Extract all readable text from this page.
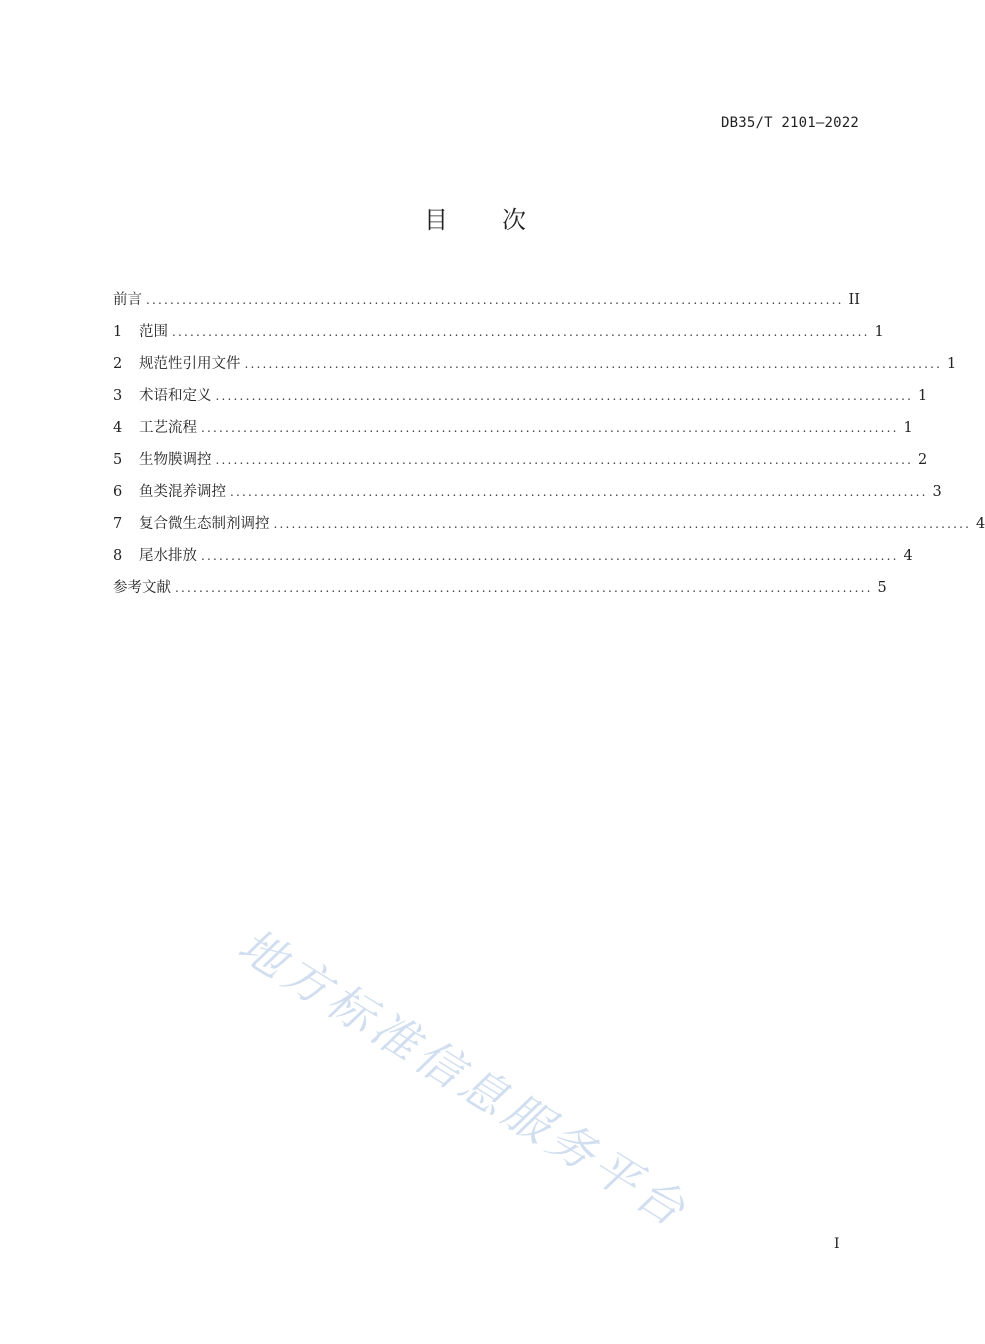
DB35/T 2101—2022
目 次
前言 .................................................................................................................... II
1	范围 .................................................................................................................... 1
2	规范性引用文件 .................................................................................................................... 1
3	术语和定义 .................................................................................................................... 1
4	工艺流程 .................................................................................................................... 1
5	生物膜调控 .................................................................................................................... 2
6	鱼类混养调控 .................................................................................................................... 3
7	复合微生态制剂调控 .................................................................................................................... 4
8	尾水排放 .................................................................................................................... 4
参考文献 .................................................................................................................... 5
地方标准信息服务平台
I
